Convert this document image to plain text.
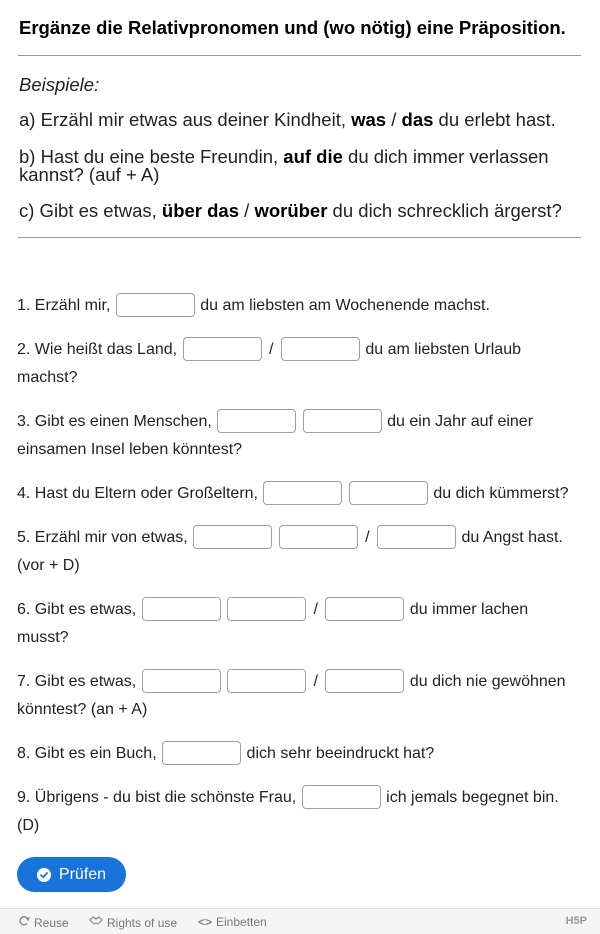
Ergänze die Relativpronomen und (wo nötig) eine Präposition.
Beispiele:
a) Erzähl mir etwas aus deiner Kindheit, was / das du erlebt hast.
b) Hast du eine beste Freundin, auf die du dich immer verlassen kannst? (auf + A)
c) Gibt es etwas, über das / worüber du dich schrecklich ärgerst?
1. Erzähl mir,	du am liebsten am Wochenende machst.
2. Wie heißt das Land,	/	du am liebsten Urlaub machst?
3. Gibt es einen Menschen,	du ein Jahr auf einer einsamen Insel leben könntest?
4. Hast du Eltern oder Großeltern,	du dich kümmerst?
5. Erzähl mir von etwas,	/	du Angst hast. (vor + D)
6. Gibt es etwas,	/	du immer lachen musst?
7. Gibt es etwas,	/	du dich nie gewöhnen könntest? (an + A)
8. Gibt es ein Buch,	dich sehr beeindruckt hat?
9. Übrigens - du bist die schönste Frau,	ich jemals begegnet bin. (D)
Prüfen
Reuse	Rights of use <> Einbetten	H5P
